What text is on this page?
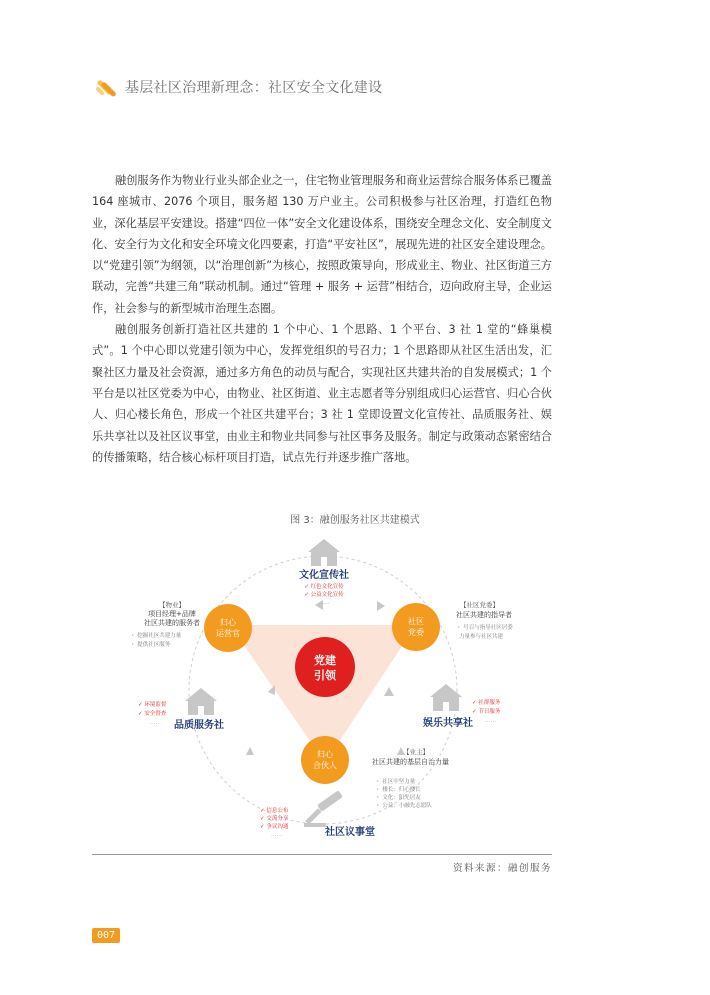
基层社区治理新理念：社区安全文化建设

融创服务作为物业行业头部企业之一，住宅物业管理服务和商业运营综合服务体系已覆盖 164 座城市、2076 个项目，服务超 130 万户业主。公司积极参与社区治理，打造红色物业，深化基层平安建设。搭建“四位一体”安全文化建设体系，围绕安全理念文化、安全制度文化、安全行为文化和安全环境文化四要素，打造“平安社区”，展现先进的社区安全建设理念。以“党建引领”为纲领，以“治理创新”为核心，按照政策导向，形成业主、物业、社区街道三方联动，完善“共建三角”联动机制。通过“管理 + 服务 + 运营”相结合，迈向政府主导，企业运作，社会参与的新型城市治理生态圈。

融创服务创新打造社区共建的 1 个中心、1 个思路、1 个平台、3 社 1 堂的“蜂巢模式”。1 个中心即以党建引领为中心，发挥党组织的号召力；1 个思路即从社区生活出发，汇聚社区力量及社会资源，通过多方角色的动员与配合，实现社区共建共治的自发展模式；1 个平台是以社区党委为中心，由物业、社区街道、业主志愿者等分别组成归心运营官、归心合伙人、归心楼长角色，形成一个社区共建平台；3 社 1 堂即设置文化宣传社、品质服务社、娱乐共享社以及社区议事堂，由业主和物业共同参与社区事务及服务。制定与政策动态紧密结合的传播策略，结合核心标杆项目打造，试点先行并逐步推广落地。

图 3：融创服务社区共建模式
党建
引领
归心
运营官
社区
党委
归心
合伙人
文化宣传社
✓ 红色文化宣传
✓ 公益文化宣传
……
【物业】
项目经理+品牌
社区共建的服务者
・ 挖掘社区共建力量
・ 提供社区服务
【社区党委】
社区共建的指导者
・ 号召与指导社区居委
力量参与社区共建
✓ 环境监督
✓ 安全督查
…… 品质服务社
✓ 社群服务
✓ 节日服务
……
娱乐共享社
【业主】
社区共建的基层自治力量
・ 社区中坚力量
・ 楼长：归心楼长
・ 文化：阳光居友
・ 公益：小融先志愿队
✓ 信息公布
✓ 交流分享
✓ 争议沟通
……	社区议事堂
资料来源：融创服务
007
